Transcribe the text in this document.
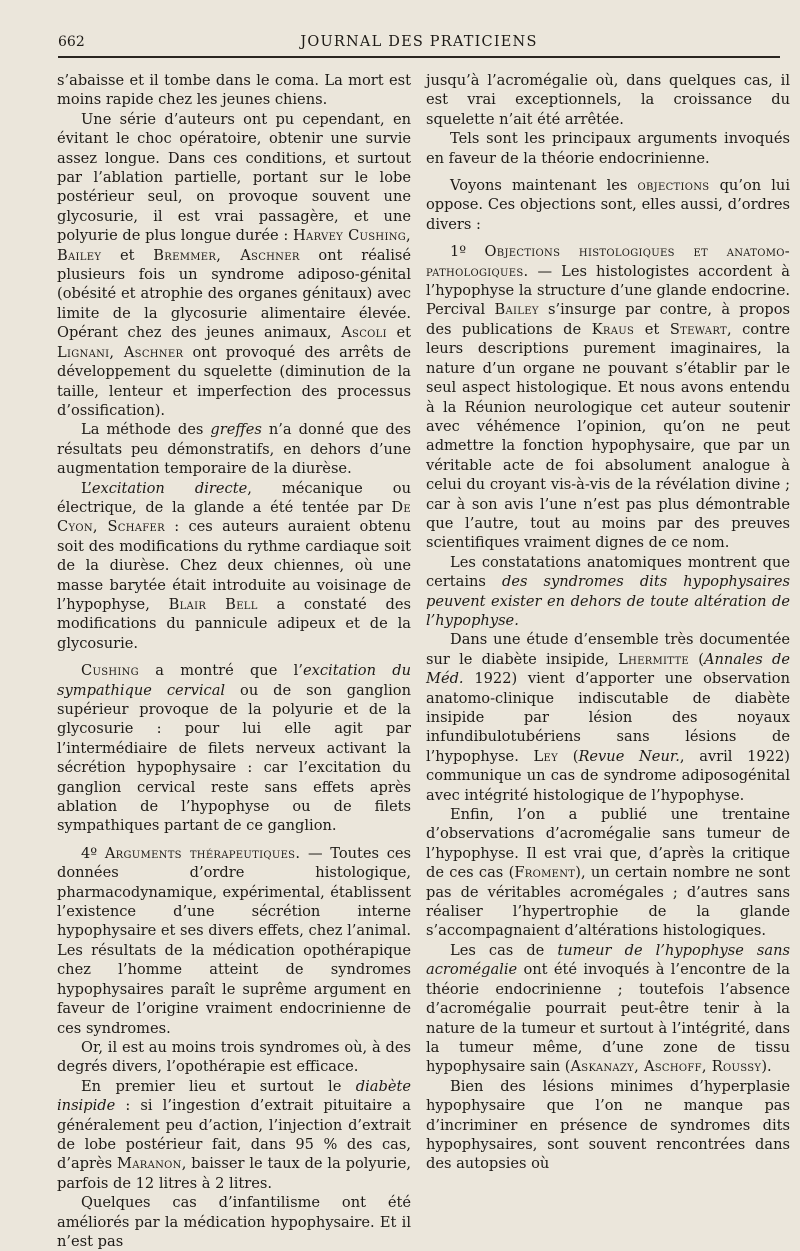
662	JOURNAL DES PRATICIENS

s’abaisse et il tombe dans le coma. La mort est moins rapide chez les jeunes chiens.

Une série d’auteurs ont pu cependant, en évitant le choc opératoire, obtenir une survie assez longue. Dans ces conditions, et surtout par l’ablation partielle, portant sur le lobe postérieur seul, on provoque souvent une glycosurie, il est vrai passagère, et une polyurie de plus longue durée : Harvey Cushing, Bailey et Bremmer, Aschner ont réalisé plusieurs fois un syndrome adiposo-génital (obésité et atrophie des organes génitaux) avec limite de la glycosurie alimentaire élevée. Opérant chez des jeunes animaux, Ascoli et Lignani, Aschner ont provoqué des arrêts de développement du squelette (diminution de la taille, lenteur et imperfection des processus d’ossification).

La méthode des greffes n’a donné que des résultats peu démonstratifs, en dehors d’une augmentation temporaire de la diurèse.

L’excitation directe, mécanique ou électrique, de la glande a été tentée par De Cyon, Schafer : ces auteurs auraient obtenu soit des modifications du rythme cardiaque soit de la diurèse. Chez deux chiennes, où une masse barytée était introduite au voisinage de l’hypophyse, Blair Bell a constaté des modifications du pannicule adipeux et de la glycosurie.

Cushing a montré que l’excitation du sympathique cervical ou de son ganglion supérieur provoque de la polyurie et de la glycosurie : pour lui elle agit par l’intermédiaire de filets nerveux activant la sécrétion hypophysaire : car l’excitation du ganglion cervical reste sans effets après ablation de l’hypophyse ou de filets sympathiques partant de ce ganglion.

4º Arguments thérapeutiques. — Toutes ces données d’ordre histologique, pharmacodynamique, expérimental, établissent l’existence d’une sécrétion interne hypophysaire et ses divers effets, chez l’animal. Les résultats de la médication opothérapique chez l’homme atteint de syndromes hypophysaires paraît le suprême argument en faveur de l’origine vraiment endocrinienne de ces syndromes.

Or, il est au moins trois syndromes où, à des degrés divers, l’opothérapie est efficace.

En premier lieu et surtout le diabète insipide : si l’ingestion d’extrait pituitaire a généralement peu d’action, l’injection d’extrait de lobe postérieur fait, dans 95 % des cas, d’après Maranon, baisser le taux de la polyurie, parfois de 12 litres à 2 litres.

Quelques cas d’infantilisme ont été améliorés par la médication hypophysaire. Et il n’est pas

jusqu’à l’acromégalie où, dans quelques cas, il est vrai exceptionnels, la croissance du squelette n’ait été arrêtée.

Tels sont les principaux arguments invoqués en faveur de la théorie endocrinienne.

Voyons maintenant les objections qu’on lui oppose. Ces objections sont, elles aussi, d’ordres divers :

1º Objections histologiques et anatomo-pathologiques. — Les histologistes accordent à l’hypophyse la structure d’une glande endocrine. Percival Bailey s’insurge par contre, à propos des publications de Kraus et Stewart, contre leurs descriptions purement imaginaires, la nature d’un organe ne pouvant s’établir par le seul aspect histologique. Et nous avons entendu à la Réunion neurologique cet auteur soutenir avec véhémence l’opinion, qu’on ne peut admettre la fonction hypophysaire, que par un véritable acte de foi absolument analogue à celui du croyant vis-à-vis de la révélation divine ; car à son avis l’une n’est pas plus démontrable que l’autre, tout au moins par des preuves scientifiques vraiment dignes de ce nom.

Les constatations anatomiques montrent que certains des syndromes dits hypophysaires peuvent exister en dehors de toute altération de l’hypophyse.

Dans une étude d’ensemble très documentée sur le diabète insipide, Lhermitte (Annales de Méd. 1922) vient d’apporter une observation anatomo-clinique indiscutable de diabète insipide par lésion des noyaux infundibulotubériens sans lésions de l’hypophyse. Ley (Revue Neur., avril 1922) communique un cas de syndrome adiposogénital avec intégrité histologique de l’hypophyse.

Enfin, l’on a publié une trentaine d’observations d’acromégalie sans tumeur de l’hypophyse. Il est vrai que, d’après la critique de ces cas (Froment), un certain nombre ne sont pas de véritables acromégales ; d’autres sans réaliser l’hypertrophie de la glande s’accompagnaient d’altérations histologiques.

Les cas de tumeur de l’hypophyse sans acromégalie ont été invoqués à l’encontre de la théorie endocrinienne ; toutefois l’absence d’acromégalie pourrait peut-être tenir à la nature de la tumeur et surtout à l’intégrité, dans la tumeur même, d’une zone de tissu hypophysaire sain (Askanazy, Aschoff, Roussy).

Bien des lésions minimes d’hyperplasie hypophysaire que l’on ne manque pas d’incriminer en présence de syndromes dits hypophysaires, sont souvent rencontrées dans des autopsies où
